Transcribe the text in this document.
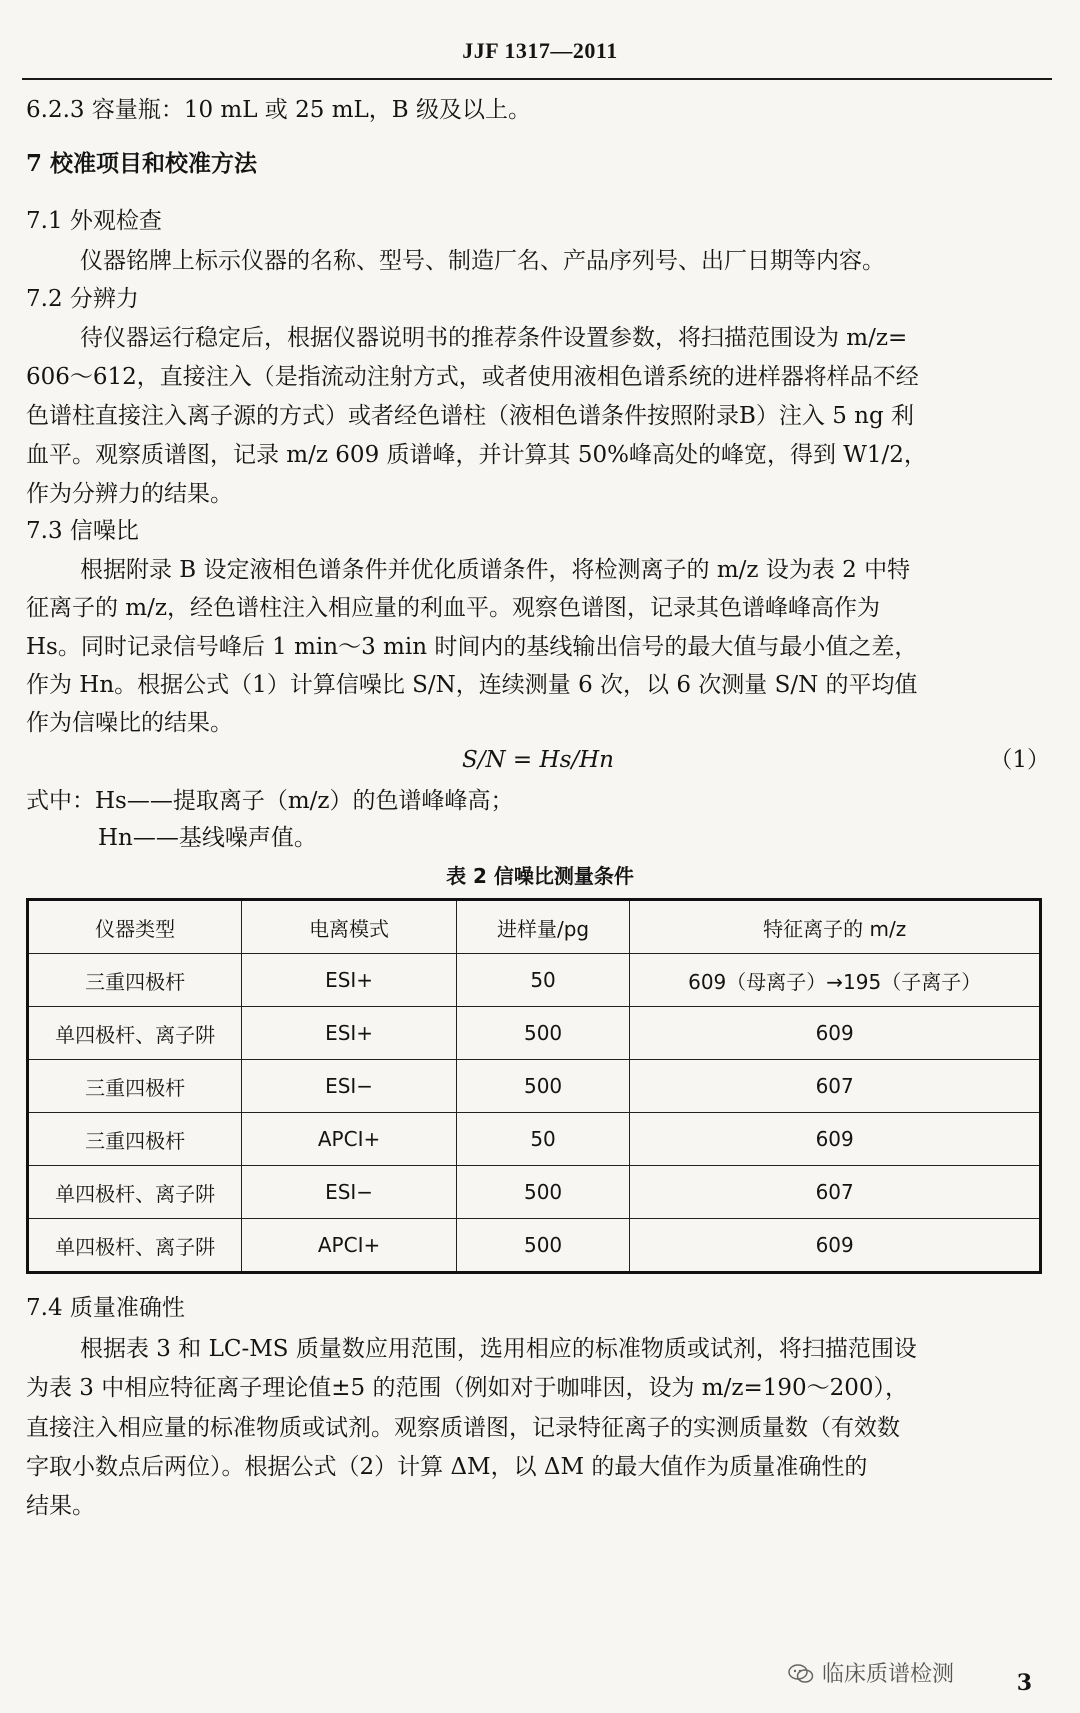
JJF 1317—2011
6.2.3 容量瓶：10 mL 或 25 mL，B 级及以上。
7 校准项目和校准方法
7.1 外观检查
仪器铭牌上标示仪器的名称、型号、制造厂名、产品序列号、出厂日期等内容。
7.2 分辨力
待仪器运行稳定后，根据仪器说明书的推荐条件设置参数，将扫描范围设为 m/z=
606～612，直接注入（是指流动注射方式，或者使用液相色谱系统的进样器将样品不经
色谱柱直接注入离子源的方式）或者经色谱柱（液相色谱条件按照附录B）注入 5 ng 利
血平。观察质谱图，记录 m/z 609 质谱峰，并计算其 50%峰高处的峰宽，得到 W1/2，
作为分辨力的结果。
7.3 信噪比
根据附录 B 设定液相色谱条件并优化质谱条件，将检测离子的 m/z 设为表 2 中特
征离子的 m/z，经色谱柱注入相应量的利血平。观察色谱图，记录其色谱峰峰高作为
Hs。同时记录信号峰后 1 min～3 min 时间内的基线输出信号的最大值与最小值之差，
作为 Hn。根据公式（1）计算信噪比 S/N，连续测量 6 次，以 6 次测量 S/N 的平均值
作为信噪比的结果。
S/N = Hs/Hn	（1）
式中：Hs——提取离子（m/z）的色谱峰峰高；
Hn——基线噪声值。
表 2 信噪比测量条件
仪器类型	电离模式	进样量/pg	特征离子的 m/z
三重四极杆	ESI+	50	609（母离子）→195（子离子）
单四极杆、离子阱	ESI+	500	609
三重四极杆	ESI−	500	607
三重四极杆	APCI+	50	609
单四极杆、离子阱	ESI−	500	607
单四极杆、离子阱	APCI+	500	609
7.4 质量准确性
根据表 3 和 LC-MS 质量数应用范围，选用相应的标准物质或试剂，将扫描范围设
为表 3 中相应特征离子理论值±5 的范围（例如对于咖啡因，设为 m/z=190～200），
直接注入相应量的标准物质或试剂。观察质谱图，记录特征离子的实测质量数（有效数
字取小数点后两位）。根据公式（2）计算 ΔM，以 ΔM 的最大值作为质量准确性的
结果。
临床质谱检测	3
